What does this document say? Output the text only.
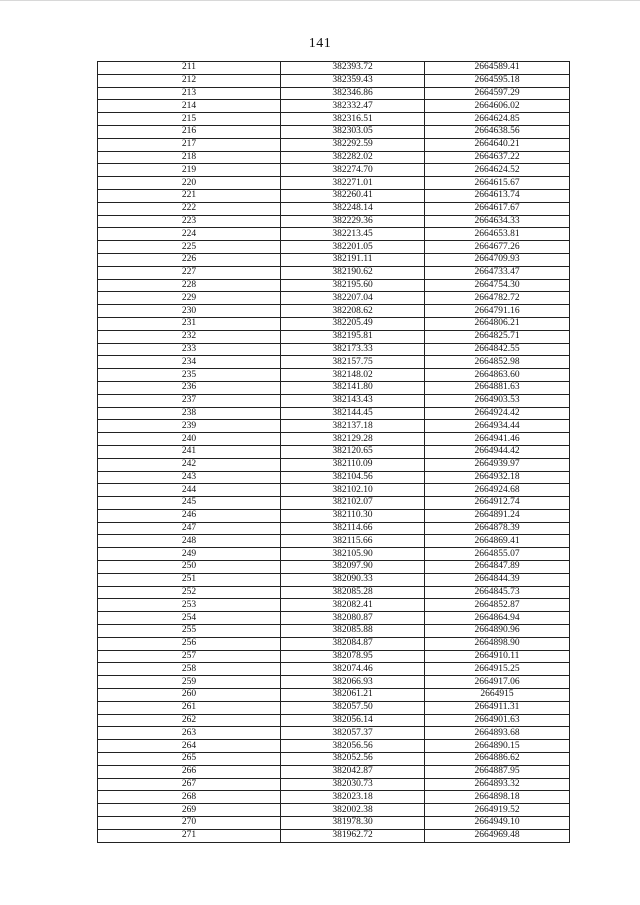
141
211	382393.72	2664589.41
212	382359.43	2664595.18
213	382346.86	2664597.29
214	382332.47	2664606.02
215	382316.51	2664624.85
216	382303.05	2664638.56
217	382292.59	2664640.21
218	382282.02	2664637.22
219	382274.70	2664624.52
220	382271.01	2664615.67
221	382260.41	2664613.74
222	382248.14	2664617.67
223	382229.36	2664634.33
224	382213.45	2664653.81
225	382201.05	2664677.26
226	382191.11	2664709.93
227	382190.62	2664733.47
228	382195.60	2664754.30
229	382207.04	2664782.72
230	382208.62	2664791.16
231	382205.49	2664806.21
232	382195.81	2664825.71
233	382173.33	2664842.55
234	382157.75	2664852.98
235	382148.02	2664863.60
236	382141.80	2664881.63
237	382143.43	2664903.53
238	382144.45	2664924.42
239	382137.18	2664934.44
240	382129.28	2664941.46
241	382120.65	2664944.42
242	382110.09	2664939.97
243	382104.56	2664932.18
244	382102.10	2664924.68
245	382102.07	2664912.74
246	382110.30	2664891.24
247	382114.66	2664878.39
248	382115.66	2664869.41
249	382105.90	2664855.07
250	382097.90	2664847.89
251	382090.33	2664844.39
252	382085.28	2664845.73
253	382082.41	2664852.87
254	382080.87	2664864.94
255	382085.88	2664890.96
256	382084.87	2664898.90
257	382078.95	2664910.11
258	382074.46	2664915.25
259	382066.93	2664917.06
260	382061.21	2664915
261	382057.50	2664911.31
262	382056.14	2664901.63
263	382057.37	2664893.68
264	382056.56	2664890.15
265	382052.56	2664886.62
266	382042.87	2664887.95
267	382030.73	2664893.32
268	382023.18	2664898.18
269	382002.38	2664919.52
270	381978.30	2664949.10
271	381962.72	2664969.48
